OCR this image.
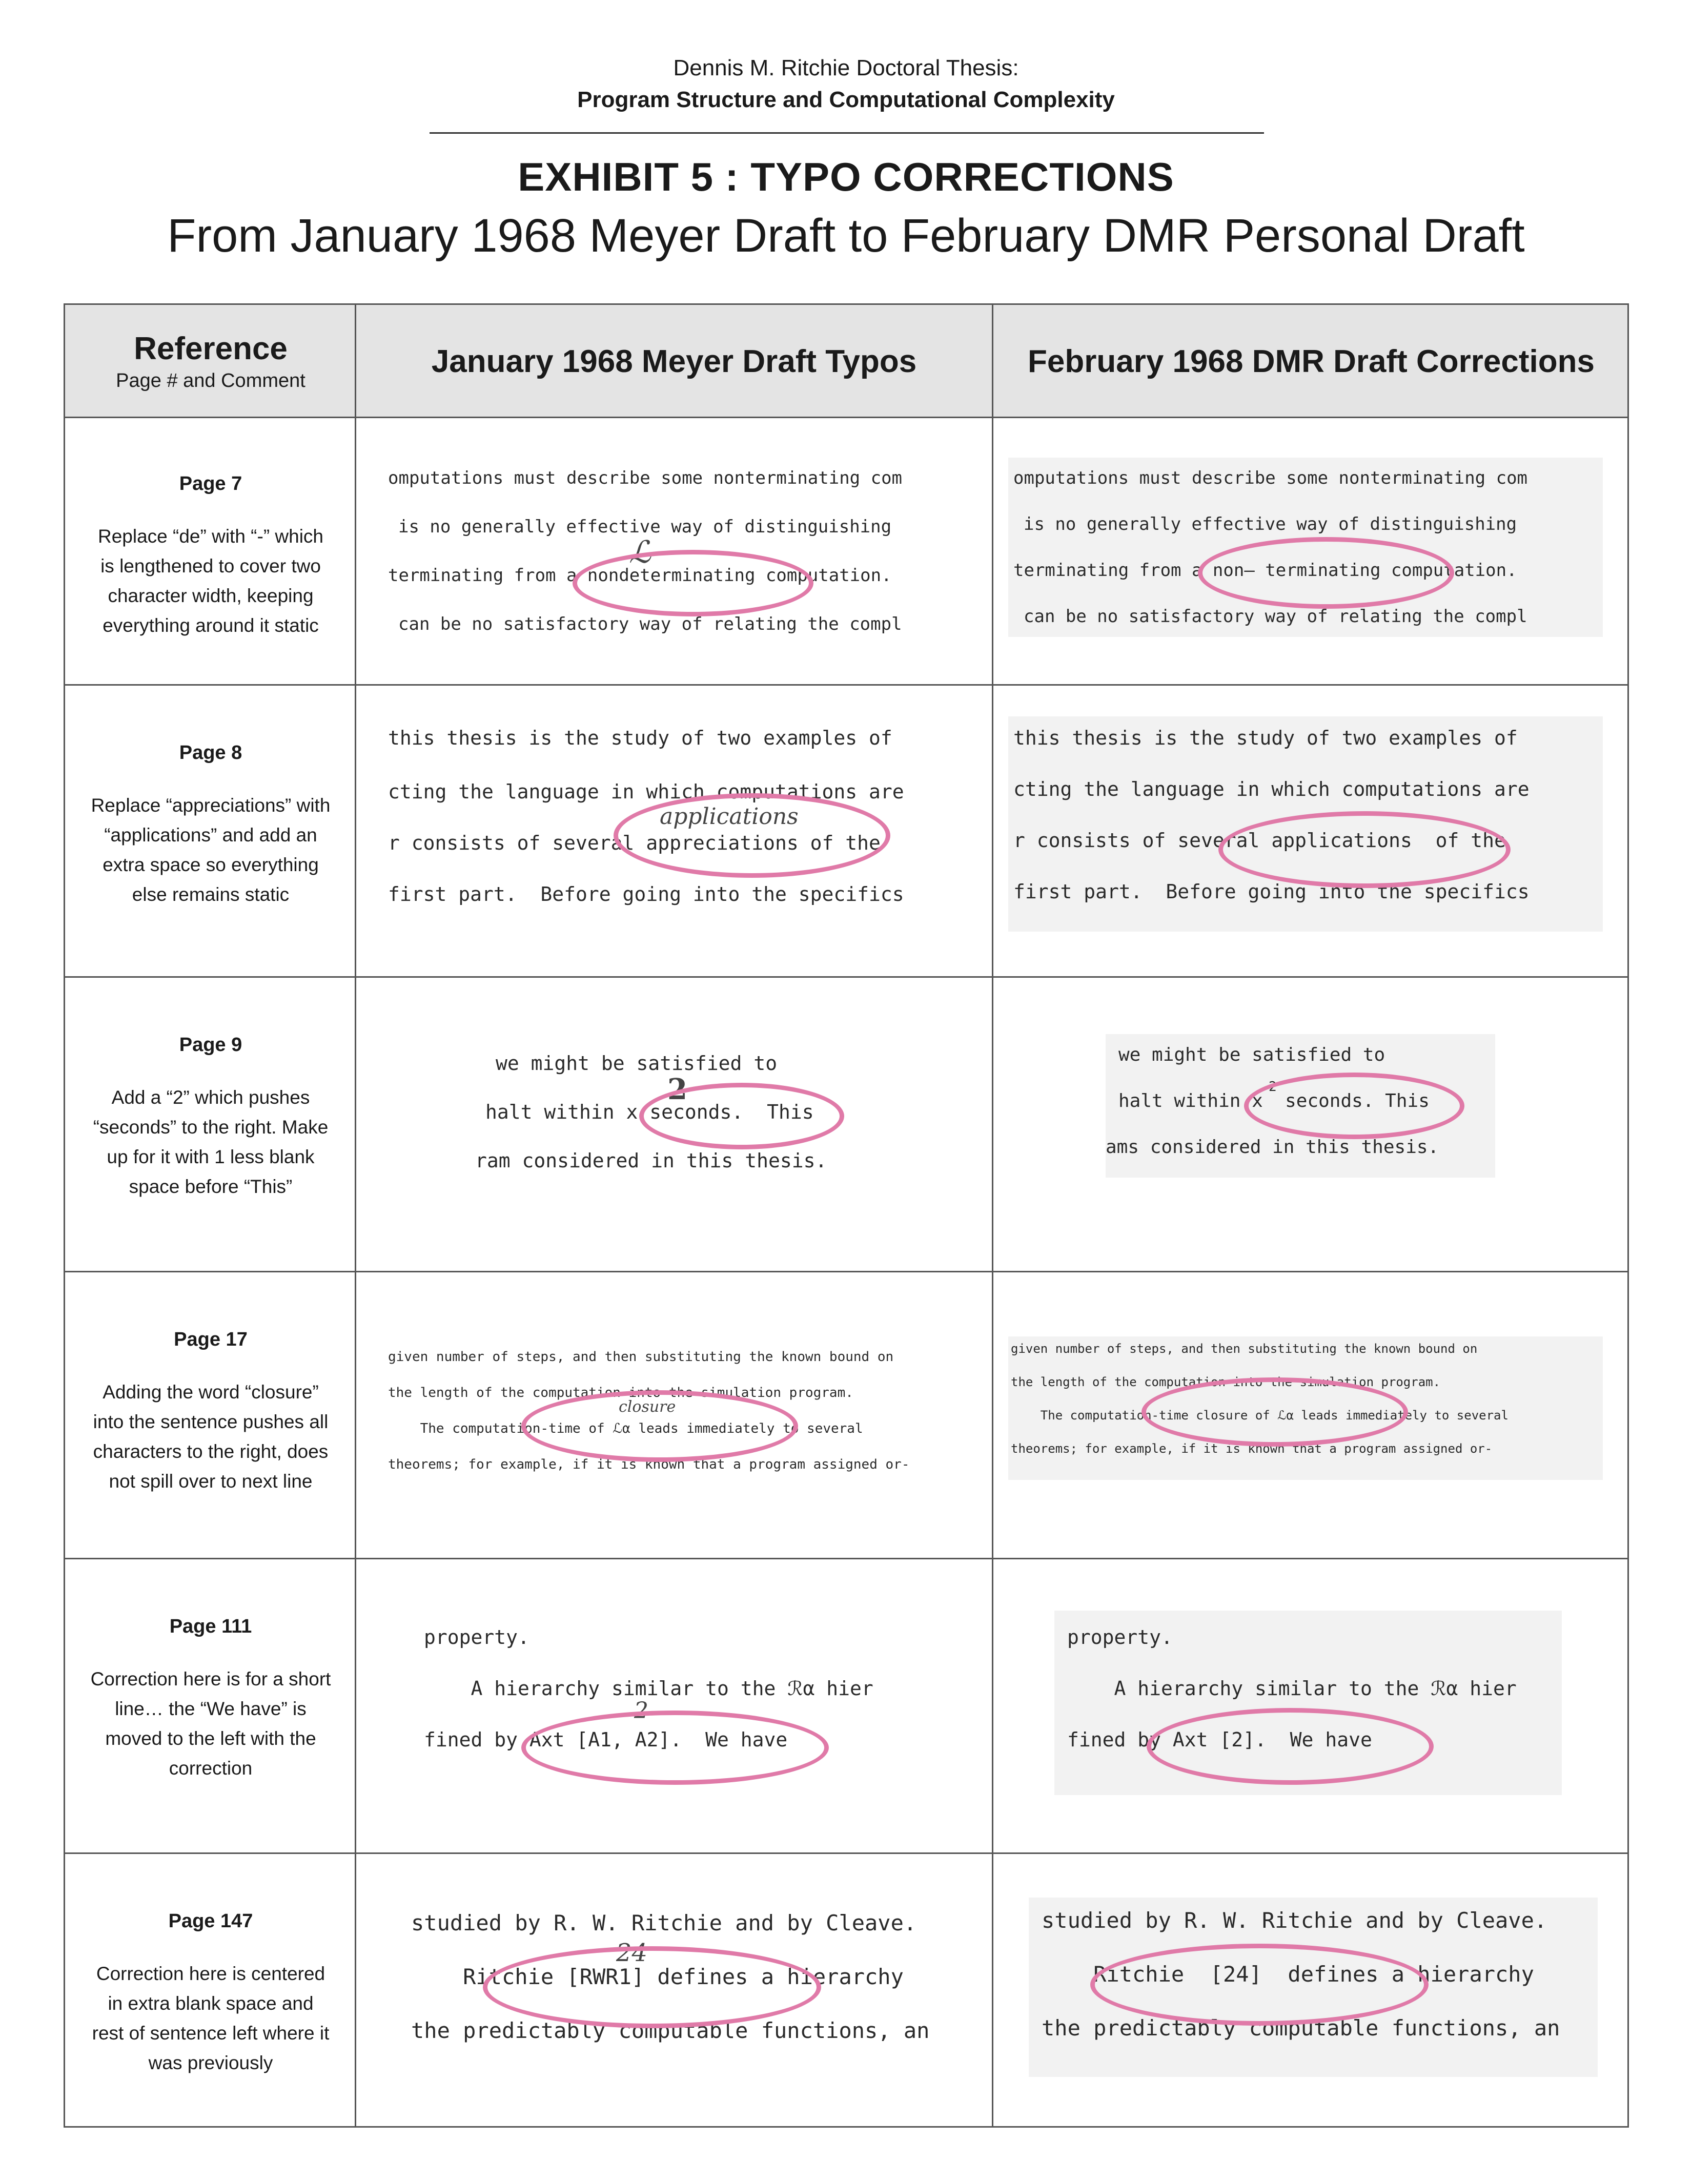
Dennis M. Ritchie Doctoral Thesis:
Program Structure and Computational Complexity
EXHIBIT 5 : TYPO CORRECTIONS
From January 1968 Meyer Draft to February DMR Personal Draft
Reference
Page # and Comment
January 1968 Meyer Draft Typos	February 1968 DMR Draft Corrections
Page 7
Replace “de” with “-” which is lengthened to cover two character width, keeping everything around it static
omputations must describe some nonterminating com
is no generally effective way of distinguishing
terminating from a nondeterminating computation.
can be no satisfactory way of relating the compl
ℒ
omputations must describe some nonterminating com
is no generally effective way of distinguishing
terminating from a non— terminating computation.
can be no satisfactory way of relating the compl
Page 8
Replace “appreciations” with “applications” and add an extra space so everything else remains static
this thesis is the study of two examples of
cting the language in which computations are
r consists of several appreciations of the
first part.  Before going into the specifics
applications
this thesis is the study of two examples of
cting the language in which computations are
r consists of several applications  of the
first part.  Before going into the specifics
Page 9
Add a “2” which pushes “seconds” to the right. Make up for it with 1 less blank space before “This”
we might be satisfied to
halt within x seconds.  This
ram considered in this thesis.
2
we might be satisfied to
halt within x  seconds. This
ams considered in this thesis.
2
Page 17
Adding the word “closure” into the sentence pushes all characters to the right, does not spill over to next line
given number of steps, and then substituting the known bound on
the length of the computation into the simulation program.
The computation-time of ℒα leads immediately to several
theorems; for example, if it is known that a program assigned or-
closure
given number of steps, and then substituting the known bound on
the length of the computation into the simulation program.
The computation-time closure of ℒα leads immediately to several
theorems; for example, if it is known that a program assigned or-
Page 111
Correction here is for a short line… the “We have” is moved to the left with the correction
property.
A hierarchy similar to the ℛα hier
fined by Axt [A1, A2].  We have
2
property.
A hierarchy similar to the ℛα hier
fined by Axt [2].  We have
Page 147
Correction here is centered in extra blank space and rest of sentence left where it was previously
studied by R. W. Ritchie and by Cleave.
Ritchie [RWR1] defines a hierarchy
the predictably computable functions, an
24
studied by R. W. Ritchie and by Cleave.
Ritchie  [24]  defines a hierarchy
the predictably computable functions, an
